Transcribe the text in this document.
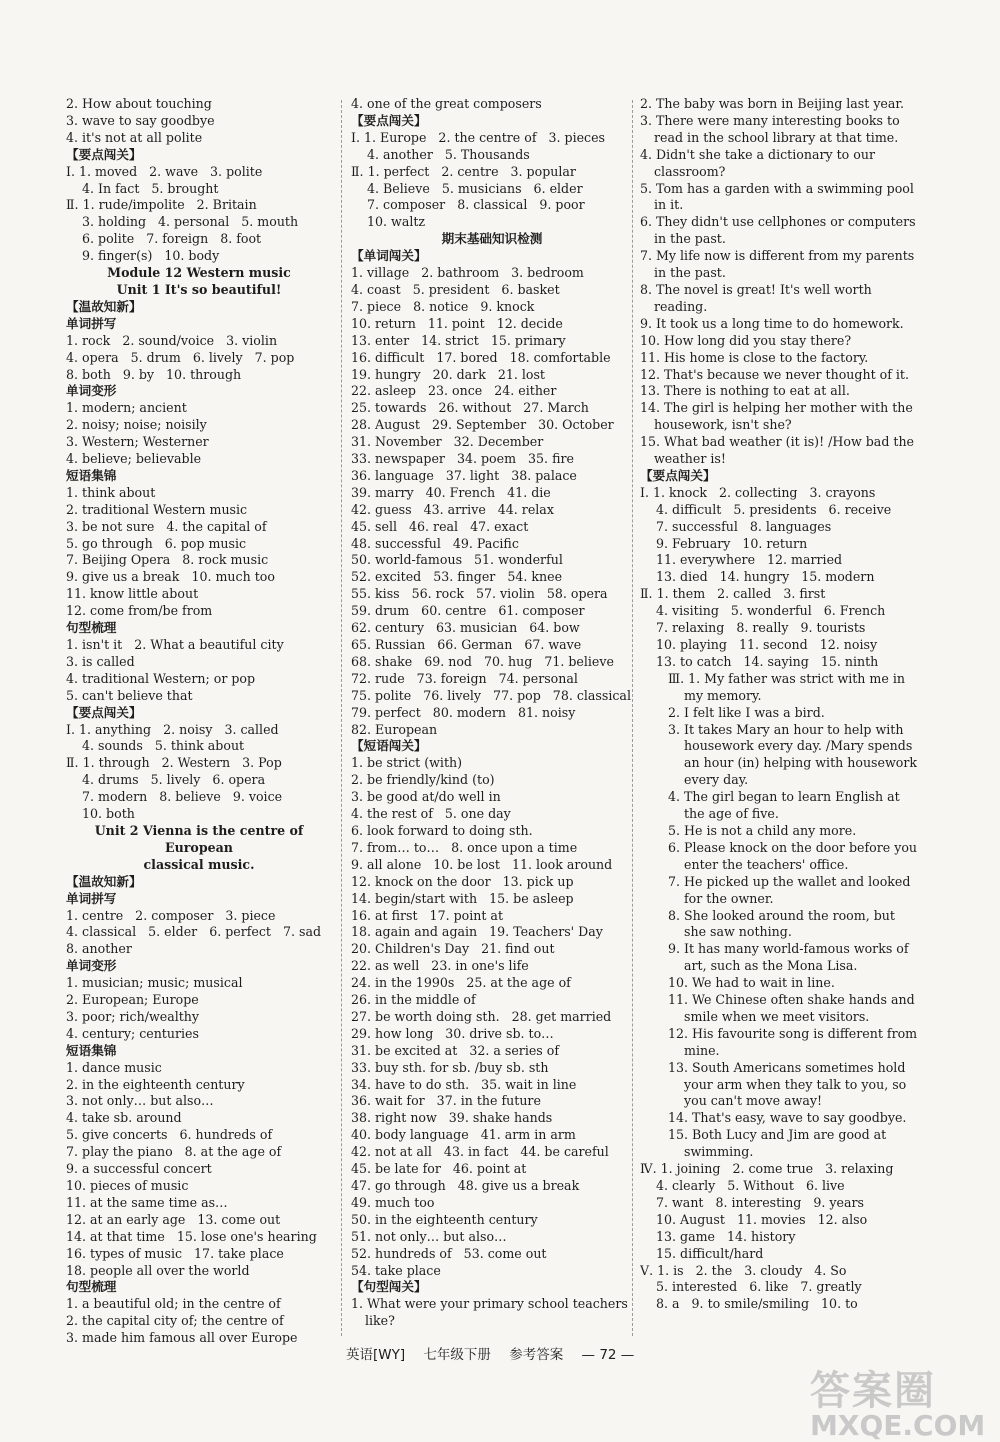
2. How about touching
3. wave to say goodbye
4. it's not at all polite
【要点闯关】
Ⅰ. 1. moved   2. wave   3. polite
4. In fact   5. brought
Ⅱ. 1. rude/impolite   2. Britain
3. holding   4. personal   5. mouth
6. polite   7. foreign   8. foot
9. finger(s)   10. body
Module 12 Western music
Unit 1 It's so beautiful!
【温故知新】
单词拼写
1. rock   2. sound/voice   3. violin
4. opera   5. drum   6. lively   7. pop
8. both   9. by   10. through
单词变形
1. modern; ancient
2. noisy; noise; noisily
3. Western; Westerner
4. believe; believable
短语集锦
1. think about
2. traditional Western music
3. be not sure   4. the capital of
5. go through   6. pop music
7. Beijing Opera   8. rock music
9. give us a break   10. much too
11. know little about
12. come from/be from
句型梳理
1. isn't it   2. What a beautiful city
3. is called
4. traditional Western; or pop
5. can't believe that
【要点闯关】
Ⅰ. 1. anything   2. noisy   3. called
4. sounds   5. think about
Ⅱ. 1. through   2. Western   3. Pop
4. drums   5. lively   6. opera
7. modern   8. believe   9. voice
10. both
Unit 2 Vienna is the centre of European
classical music.
【温故知新】
单词拼写
1. centre   2. composer   3. piece
4. classical   5. elder   6. perfect   7. sad
8. another
单词变形
1. musician; music; musical
2. European; Europe
3. poor; rich/wealthy
4. century; centuries
短语集锦
1. dance music
2. in the eighteenth century
3. not only… but also…
4. take sb. around
5. give concerts   6. hundreds of
7. play the piano   8. at the age of
9. a successful concert
10. pieces of music
11. at the same time as…
12. at an early age   13. come out
14. at that time   15. lose one's hearing
16. types of music   17. take place
18. people all over the world
句型梳理
1. a beautiful old; in the centre of
2. the capital city of; the centre of
3. made him famous all over Europe
4. one of the great composers
【要点闯关】
Ⅰ. 1. Europe   2. the centre of   3. pieces
4. another   5. Thousands
Ⅱ. 1. perfect   2. centre   3. popular
4. Believe   5. musicians   6. elder
7. composer   8. classical   9. poor
10. waltz
期末基础知识检测
【单词闯关】
1. village   2. bathroom   3. bedroom
4. coast   5. president   6. basket
7. piece   8. notice   9. knock
10. return   11. point   12. decide
13. enter   14. strict   15. primary
16. difficult   17. bored   18. comfortable
19. hungry   20. dark   21. lost
22. asleep   23. once   24. either
25. towards   26. without   27. March
28. August   29. September   30. October
31. November   32. December
33. newspaper   34. poem   35. fire
36. language   37. light   38. palace
39. marry   40. French   41. die
42. guess   43. arrive   44. relax
45. sell   46. real   47. exact
48. successful   49. Pacific
50. world-famous   51. wonderful
52. excited   53. finger   54. knee
55. kiss   56. rock   57. violin   58. opera
59. drum   60. centre   61. composer
62. century   63. musician   64. bow
65. Russian   66. German   67. wave
68. shake   69. nod   70. hug   71. believe
72. rude   73. foreign   74. personal
75. polite   76. lively   77. pop   78. classical
79. perfect   80. modern   81. noisy
82. European
【短语闯关】
1. be strict (with)
2. be friendly/kind (to)
3. be good at/do well in
4. the rest of   5. one day
6. look forward to doing sth.
7. from… to…   8. once upon a time
9. all alone   10. be lost   11. look around
12. knock on the door   13. pick up
14. begin/start with   15. be asleep
16. at first   17. point at
18. again and again   19. Teachers' Day
20. Children's Day   21. find out
22. as well   23. in one's life
24. in the 1990s   25. at the age of
26. in the middle of
27. be worth doing sth.   28. get married
29. how long   30. drive sb. to…
31. be excited at   32. a series of
33. buy sth. for sb. /buy sb. sth
34. have to do sth.   35. wait in line
36. wait for   37. in the future
38. right now   39. shake hands
40. body language   41. arm in arm
42. not at all   43. in fact   44. be careful
45. be late for   46. point at
47. go through   48. give us a break
49. much too
50. in the eighteenth century
51. not only… but also…
52. hundreds of   53. come out
54. take place
【句型闯关】
1. What were your primary school teachers like?
2. The baby was born in Beijing last year.
3. There were many interesting books to read in the school library at that time.
4. Didn't she take a dictionary to our classroom?
5. Tom has a garden with a swimming pool in it.
6. They didn't use cellphones or computers in the past.
7. My life now is different from my parents in the past.
8. The novel is great! It's well worth reading.
9. It took us a long time to do homework.
10. How long did you stay there?
11. His home is close to the factory.
12. That's because we never thought of it.
13. There is nothing to eat at all.
14. The girl is helping her mother with the housework, isn't she?
15. What bad weather (it is)! /How bad the weather is!
【要点闯关】
Ⅰ. 1. knock   2. collecting   3. crayons
4. difficult   5. presidents   6. receive
7. successful   8. languages
9. February   10. return
11. everywhere   12. married
13. died   14. hungry   15. modern
Ⅱ. 1. them   2. called   3. first
4. visiting   5. wonderful   6. French
7. relaxing   8. really   9. tourists
10. playing   11. second   12. noisy
13. to catch   14. saying   15. ninth
Ⅲ. 1. My father was strict with me in my memory.
2. I felt like I was a bird.
3. It takes Mary an hour to help with housework every day. /Mary spends an hour (in) helping with housework every day.
4. The girl began to learn English at the age of five.
5. He is not a child any more.
6. Please knock on the door before you enter the teachers' office.
7. He picked up the wallet and looked for the owner.
8. She looked around the room, but she saw nothing.
9. It has many world-famous works of art, such as the Mona Lisa.
10. We had to wait in line.
11. We Chinese often shake hands and smile when we meet visitors.
12. His favourite song is different from mine.
13. South Americans sometimes hold your arm when they talk to you, so you can't move away!
14. That's easy, wave to say goodbye.
15. Both Lucy and Jim are good at swimming.
Ⅳ. 1. joining   2. come true   3. relaxing
4. clearly   5. Without   6. live
7. want   8. interesting   9. years
10. August   11. movies   12. also
13. game   14. history
15. difficult/hard
Ⅴ. 1. is   2. the   3. cloudy   4. So
5. interested   6. like   7. greatly
8. a   9. to smile/smiling   10. to
英语[WY] 七年级下册 参考答案 — 72 —
答案圈
MXQE.COM
